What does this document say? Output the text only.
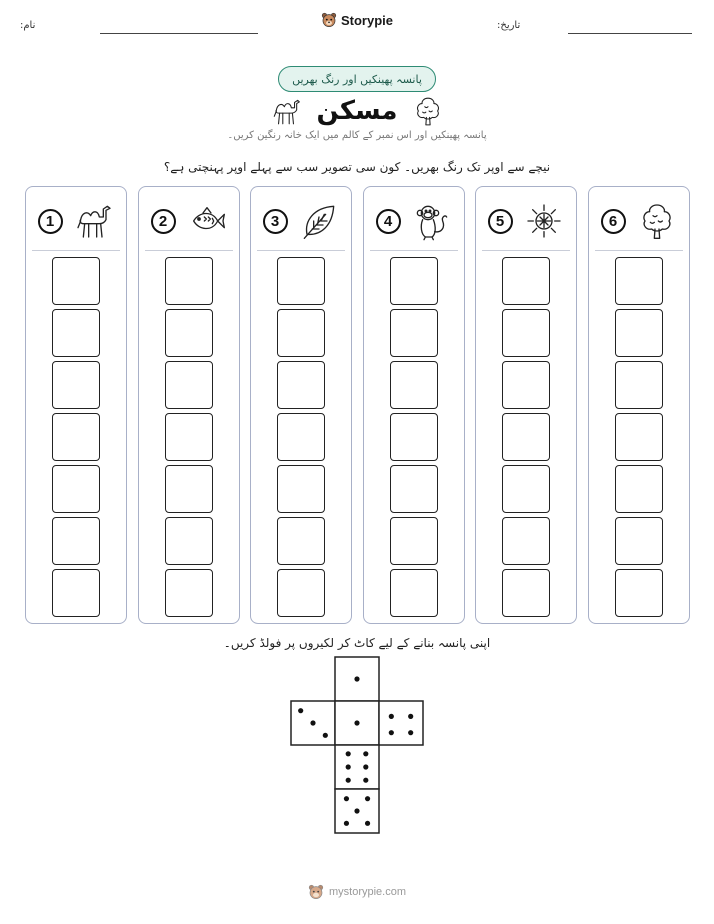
نام:	Storypie	تاریخ:
پانسہ پھینکیں اور رنگ بھریں
مسکن
پانسہ پھینکیں اور اس نمبر کے کالم میں ایک خانہ رنگین کریں۔
نیچے سے اوپر تک رنگ بھریں۔ کون سی تصویر سب سے پہلے اوپر پہنچتی ہے؟
6
5
4
3
2
1
اپنی پانسہ بنانے کے لیے کاٹ کر لکیروں پر فولڈ کریں۔
mystorypie.com
